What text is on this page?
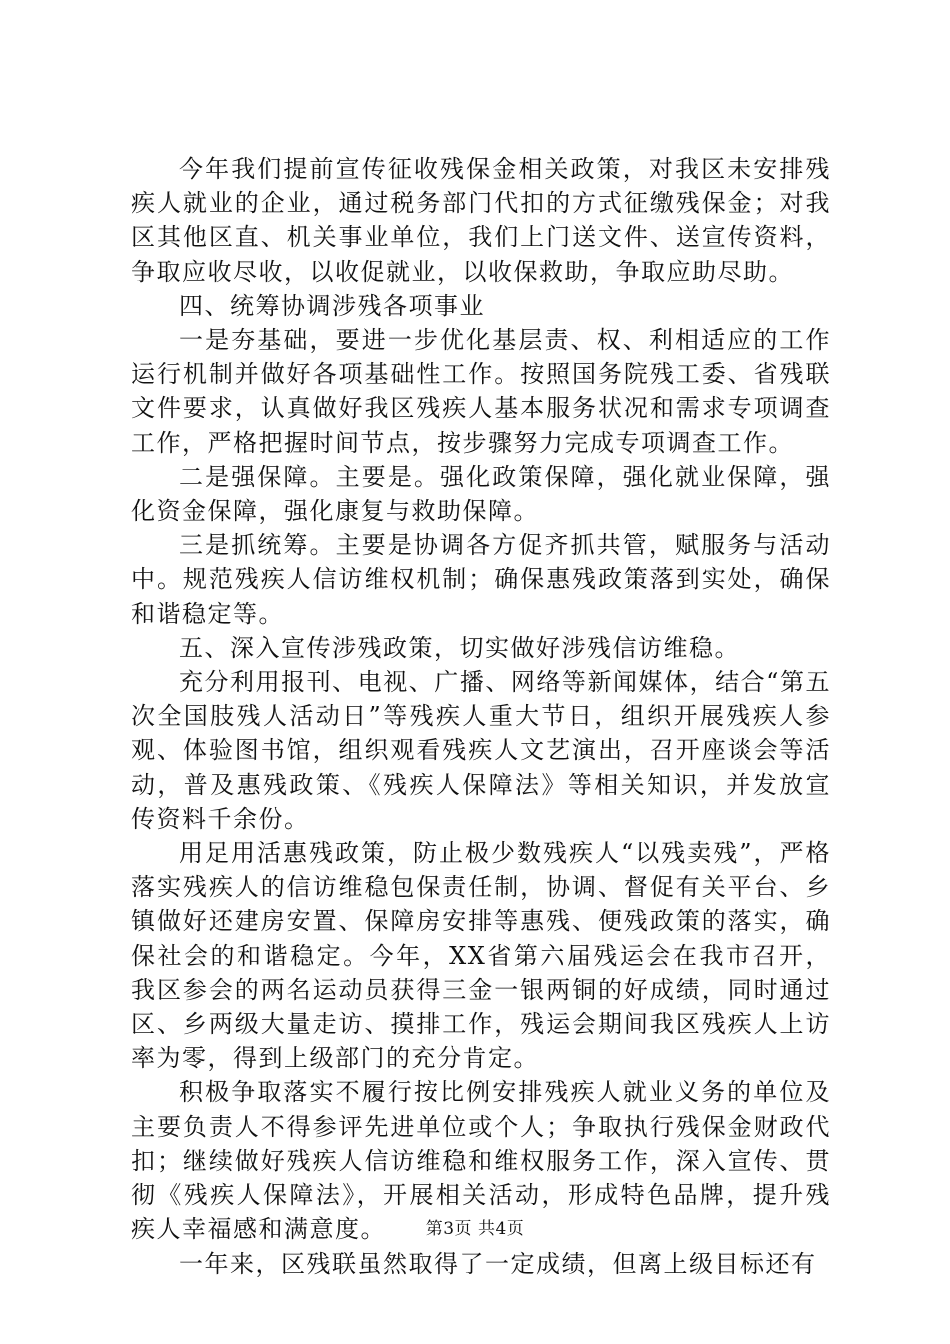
今年我们提前宣传征收残保金相关政策，对我区未安排残疾人就业的企业，通过税务部门代扣的方式征缴残保金；对我区其他区直、机关事业单位，我们上门送文件、送宣传资料，争取应收尽收，以收促就业，以收保救助，争取应助尽助。

四、统筹协调涉残各项事业

一是夯基础，要进一步优化基层责、权、利相适应的工作运行机制并做好各项基础性工作。按照国务院残工委、省残联文件要求，认真做好我区残疾人基本服务状况和需求专项调查工作，严格把握时间节点，按步骤努力完成专项调查工作。

二是强保障。主要是。强化政策保障，强化就业保障，强化资金保障，强化康复与救助保障。

三是抓统筹。主要是协调各方促齐抓共管，赋服务与活动中。规范残疾人信访维权机制；确保惠残政策落到实处，确保和谐稳定等。

五、深入宣传涉残政策，切实做好涉残信访维稳。

充分利用报刊、电视、广播、网络等新闻媒体，结合“第五次全国肢残人活动日”等残疾人重大节日，组织开展残疾人参观、体验图书馆，组织观看残疾人文艺演出，召开座谈会等活动，普及惠残政策、《残疾人保障法》等相关知识，并发放宣传资料千余份。

用足用活惠残政策，防止极少数残疾人“以残卖残”，严格落实残疾人的信访维稳包保责任制，协调、督促有关平台、乡镇做好还建房安置、保障房安排等惠残、便残政策的落实，确保社会的和谐稳定。今年，XX省第六届残运会在我市召开，我区参会的两名运动员获得三金一银两铜的好成绩，同时通过区、乡两级大量走访、摸排工作，残运会期间我区残疾人上访率为零，得到上级部门的充分肯定。

积极争取落实不履行按比例安排残疾人就业义务的单位及主要负责人不得参评先进单位或个人；争取执行残保金财政代扣；继续做好残疾人信访维稳和维权服务工作，深入宣传、贯彻《残疾人保障法》，开展相关活动，形成特色品牌，提升残疾人幸福感和满意度。

一年来，区残联虽然取得了一定成绩，但离上级目标还有

第3页 共4页
